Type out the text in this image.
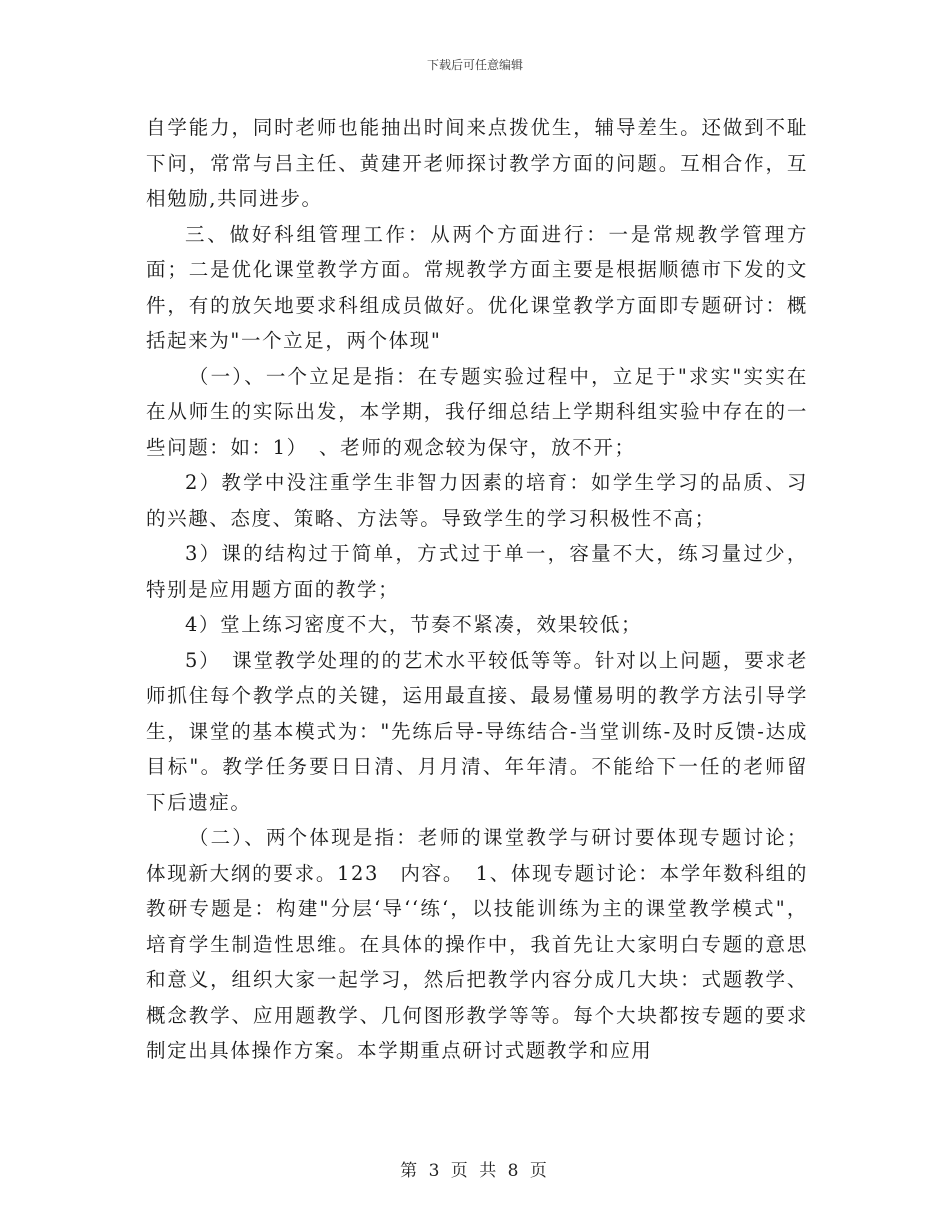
下载后可任意编辑

自学能力，同时老师也能抽出时间来点拨优生，辅导差生。还做到不耻下问，常常与吕主任、黄建开老师探讨教学方面的问题。互相合作，互相勉励,共同进步。

三、做好科组管理工作：从两个方面进行：一是常规教学管理方面；二是优化课堂教学方面。常规教学方面主要是根据顺德市下发的文件，有的放矢地要求科组成员做好。优化课堂教学方面即专题研讨：概括起来为"一个立足，两个体现"

（一）、一个立足是指：在专题实验过程中，立足于"求实"实实在在从师生的实际出发，本学期，我仔细总结上学期科组实验中存在的一些问题：如：1）　、老师的观念较为保守，放不开；

2）教学中没注重学生非智力因素的培育：如学生学习的品质、习的兴趣、态度、策略、方法等。导致学生的学习积极性不高；

3）课的结构过于简单，方式过于单一，容量不大，练习量过少，特别是应用题方面的教学；

4）堂上练习密度不大，节奏不紧凑，效果较低；

5）　课堂教学处理的的艺术水平较低等等。针对以上问题，要求老师抓住每个教学点的关键，运用最直接、最易懂易明的教学方法引导学生，课堂的基本模式为："先练后导-导练结合-当堂训练-及时反馈-达成目标"。教学任务要日日清、月月清、年年清。不能给下一任的老师留下后遗症。

（二）、两个体现是指：老师的课堂教学与研讨要体现专题讨论；体现新大纲的要求。123　内容。　1、体现专题讨论：本学年数科组的教研专题是：构建"分层‘导‘‘练‘，以技能训练为主的课堂教学模式"，培育学生制造性思维。在具体的操作中，我首先让大家明白专题的意思和意义，组织大家一起学习，然后把教学内容分成几大块：式题教学、概念教学、应用题教学、几何图形教学等等。每个大块都按专题的要求制定出具体操作方案。本学期重点研讨式题教学和应用

第 3 页 共 8 页
